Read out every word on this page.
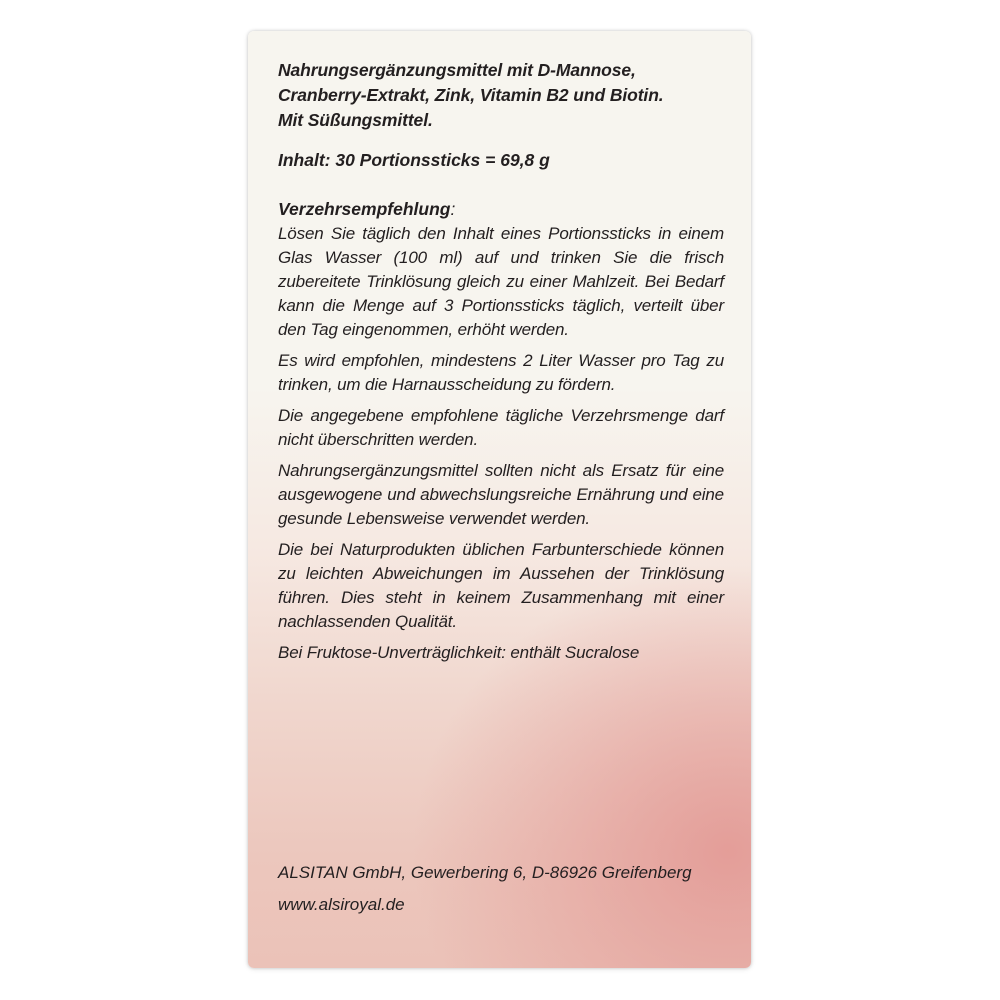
Nahrungsergänzungsmittel mit D-Mannose,
Cranberry-Extrakt, Zink, Vitamin B2 und Biotin.
Mit Süßungsmittel.

Inhalt: 30 Portionssticks = 69,8 g

Verzehrsempfehlung:

Lösen Sie täglich den Inhalt eines Portionssticks in einem Glas Wasser (100 ml) auf und trinken Sie die frisch zubereitete Trinklösung gleich zu einer Mahlzeit. Bei Bedarf kann die Menge auf 3 Portionssticks täglich, verteilt über den Tag eingenommen, erhöht werden.

Es wird empfohlen, mindestens 2 Liter Wasser pro Tag zu trinken, um die Harnausscheidung zu fördern.

Die angegebene empfohlene tägliche Verzehrsmenge darf nicht überschritten werden.

Nahrungsergänzungsmittel sollten nicht als Ersatz für eine ausgewogene und abwechslungsreiche Ernährung und eine gesunde Lebensweise verwendet werden.

Die bei Naturprodukten üblichen Farbunterschiede können zu leichten Abweichungen im Aussehen der Trinklösung führen. Dies steht in keinem Zusammenhang mit einer nachlassenden Qualität.

Bei Fruktose-Unverträglichkeit: enthält Sucralose

ALSITAN GmbH, Gewerbering 6, D-86926 Greifenberg
www.alsiroyal.de
